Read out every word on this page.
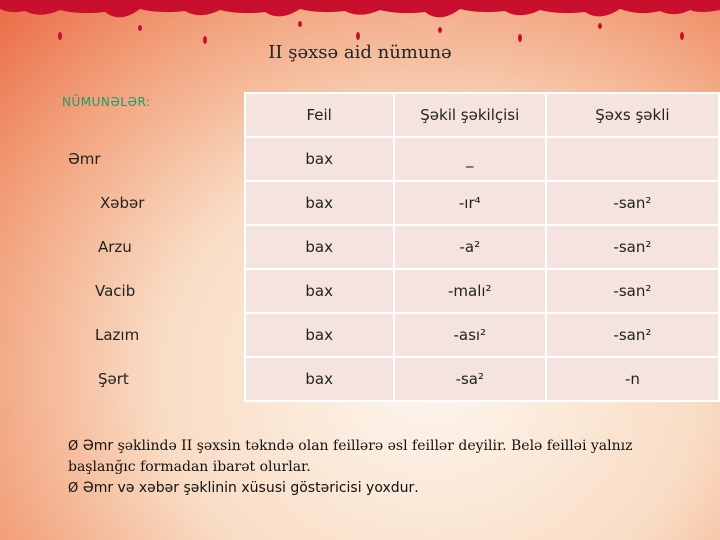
II şəxsə aid nümunə
NÜMUNƏLƏR:
	Feil	Şəkil şəkilçisi	Şəxs şəkli
Əmr	bax	_	
Xəbər	bax	-ır⁴	-san²
Arzu	bax	-a²	-san²
Vacib	bax	-malı²	-san²
Lazım	bax	-ası²	-san²
Şərt	bax	-sa²	-n
Ø Əmr şəklində II şəxsin təkndə olan feillərə əsl feillər deyilir. Belə feilləi yalnız başlanğıc formadan ibarət olurlar.
Ø Əmr və xəbər şəklinin xüsusi göstəricisi yoxdur.
